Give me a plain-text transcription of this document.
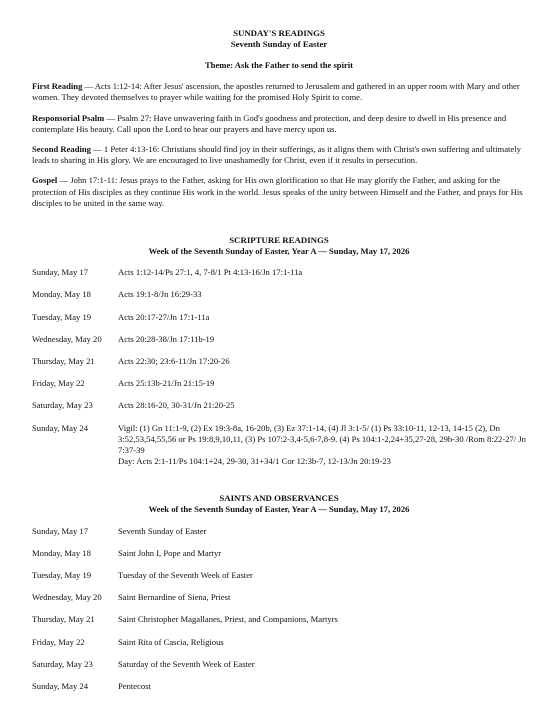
SUNDAY'S READINGS
Seventh Sunday of Easter
Theme: Ask the Father to send the spirit

First Reading — Acts 1:12-14: After Jesus' ascension, the apostles returned to Jerusalem and gathered in an upper room with Mary and other women. They devoted themselves to prayer while waiting for the promised Holy Spirit to come.

Responsorial Psalm — Psalm 27: Have unwavering faith in God's goodness and protection, and deep desire to dwell in His presence and contemplate His beauty. Call upon the Lord to hear our prayers and have mercy upon us.

Second Reading — 1 Peter 4:13-16: Christians should find joy in their sufferings, as it aligns them with Christ's own suffering and ultimately leads to sharing in His glory. We are encouraged to live unashamedly for Christ, even if it results in persecution.

Gospel — John 17:1-11: Jesus prays to the Father, asking for His own glorification so that He may glorify the Father, and asking for the protection of His disciples as they continue His work in the world. Jesus speaks of the unity between Himself and the Father, and prays for His disciples to be united in the same way.

SCRIPTURE READINGS
Week of the Seventh Sunday of Easter, Year A — Sunday, May 17, 2026
Sunday, May 17	Acts 1:12-14/Ps 27:1, 4, 7-8/1 Pt 4:13-16/Jn 17:1-11a
Monday, May 18	Acts 19:1-8/Jn 16:29-33
Tuesday, May 19	Acts 20:17-27/Jn 17:1-11a
Wednesday, May 20	Acts 20:28-38/Jn 17:11b-19
Thursday, May 21	Acts 22:30; 23:6-11/Jn 17:20-26
Friday, May 22	Acts 25:13b-21/Jn 21:15-19
Saturday, May 23	Acts 28:16-20, 30-31/Jn 21:20-25
Sunday, May 24	Vigil: (1) Gn 11:1-9, (2) Ex 19:3-8a, 16-20b, (3) Ez 37:1-14, (4) Jl 3:1-5/ (1) Ps 33:10-11, 12-13, 14-15 (2), Dn 3:52,53,54,55,56 or Ps 19:8,9,10,11, (3) Ps 107:2-3,4-5,6-7,8-9. (4) Ps 104:1-2,24+35,27-28, 29b-30 /Rom 8:22-27/ Jn 7:37-39
Day: Acts 2:1-11/Ps 104:1+24, 29-30, 31+34/1 Cor 12:3b-7, 12-13/Jn 20:19-23
SAINTS AND OBSERVANCES
Week of the Seventh Sunday of Easter, Year A — Sunday, May 17, 2026
Sunday, May 17	Seventh Sunday of Easter
Monday, May 18	Saint John I, Pope and Martyr
Tuesday, May 19	Tuesday of the Seventh Week of Easter
Wednesday, May 20	Saint Bernardine of Siena, Priest
Thursday, May 21	Saint Christopher Magallanes, Priest, and Companions, Martyrs
Friday, May 22	Saint Rita of Cascia, Religious
Saturday, May 23	Saturday of the Seventh Week of Easter
Sunday, May 24	Pentecost
